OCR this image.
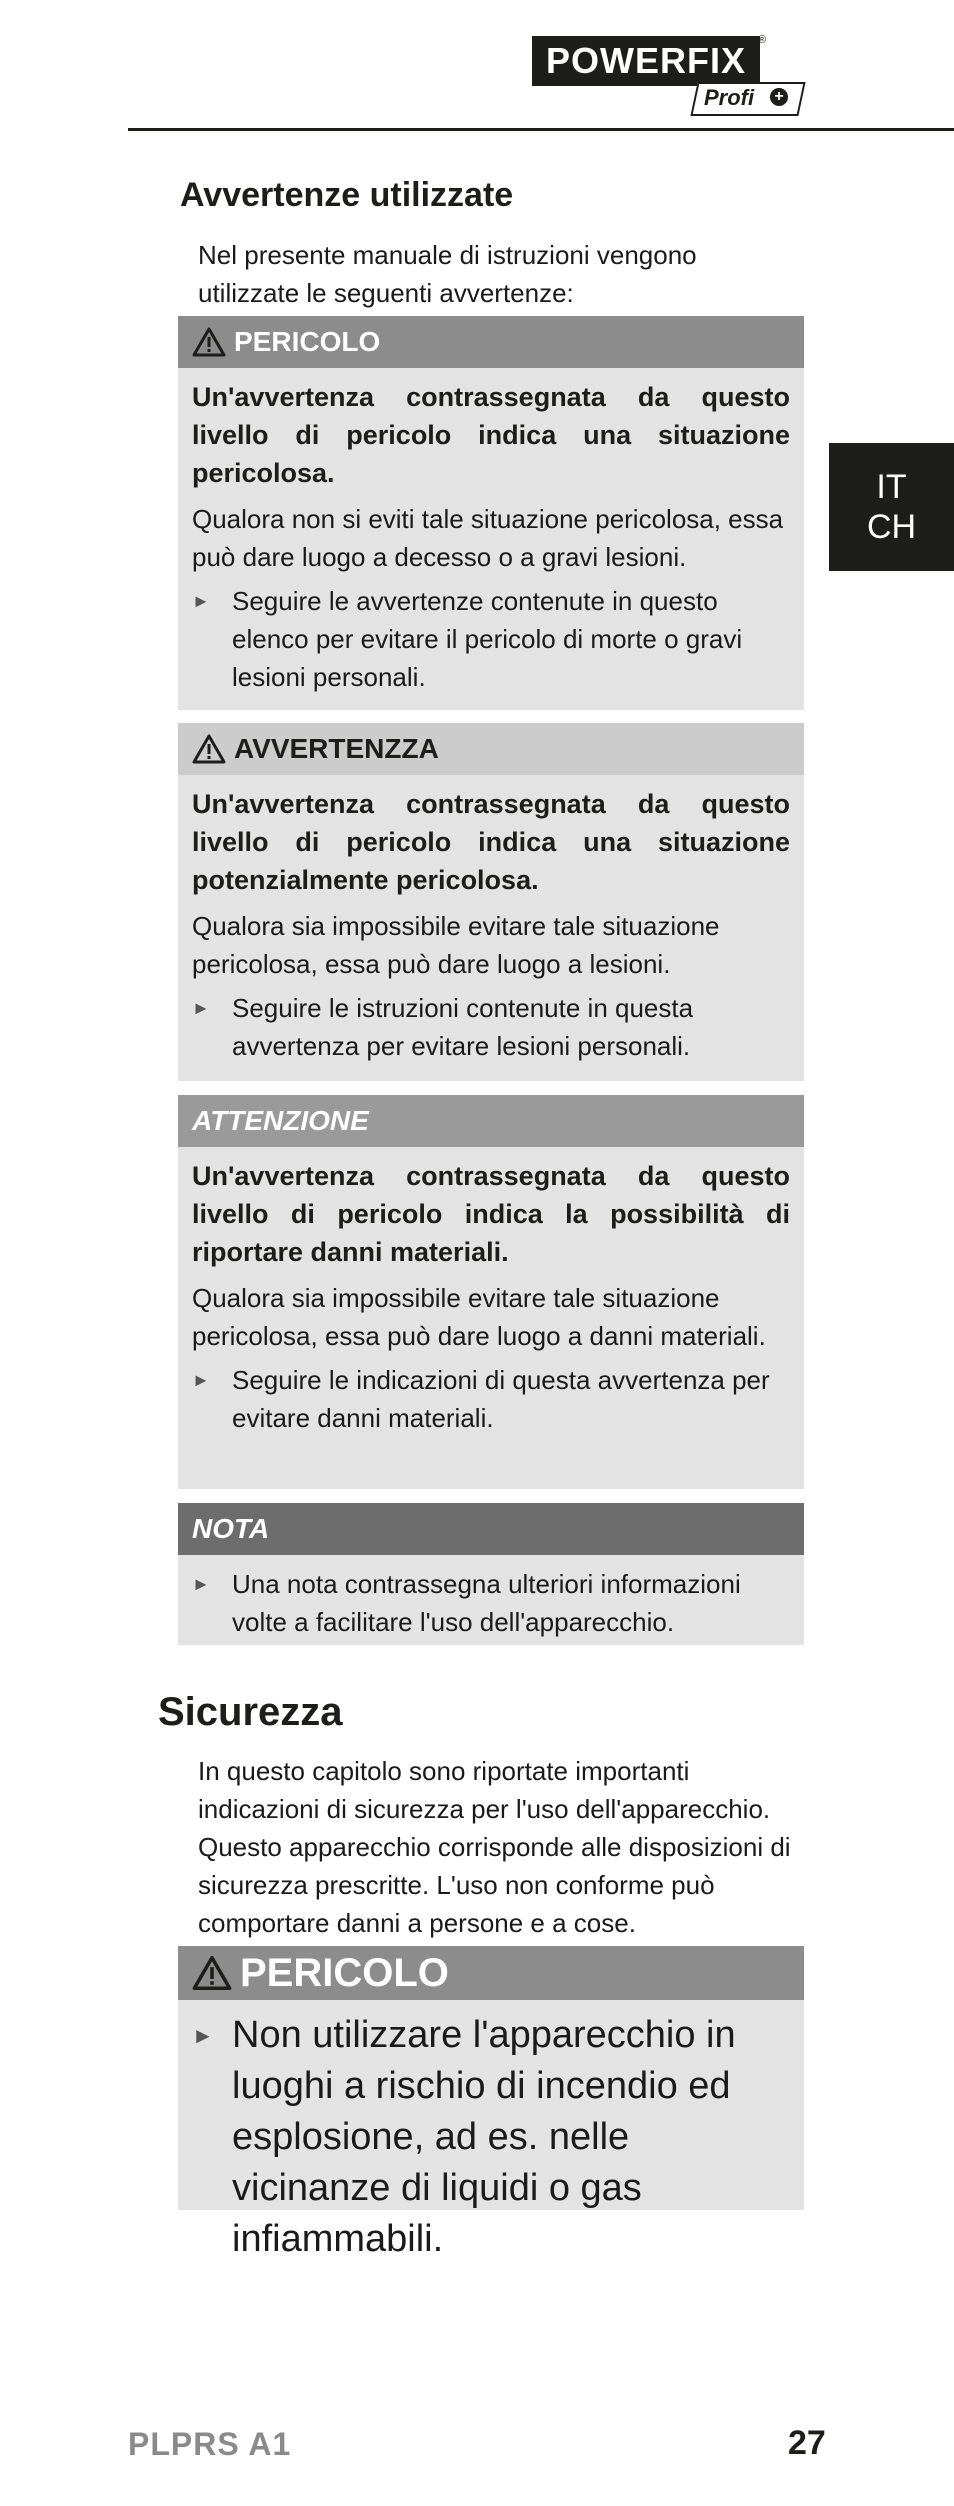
POWERFIX	®
Profi +
IT
CH
Avvertenze utilizzate

Nel presente manuale di istruzioni vengono utilizzate le seguenti avvertenze:

PERICOLO

Un'avvertenza contrassegnata da questo livello di pericolo indica una situazione pericolosa.

Qualora non si eviti tale situazione pericolosa, essa può dare luogo a decesso o a gravi lesioni.

► Seguire le avvertenze contenute in questo elenco per evitare il pericolo di morte o gravi lesioni personali.
AVVERTENZZA

Un'avvertenza contrassegnata da questo livello di pericolo indica una situazione potenzialmente pericolosa.

Qualora sia impossibile evitare tale situazione pericolosa, essa può dare luogo a lesioni.

► Seguire le istruzioni contenute in questa avvertenza per evitare lesioni personali.
ATTENZIONE

Un'avvertenza contrassegnata da questo livello di pericolo indica la possibilità di riportare danni materiali.

Qualora sia impossibile evitare tale situazione pericolosa, essa può dare luogo a danni materiali.

► Seguire le indicazioni di questa avvertenza per evitare danni materiali.
NOTA
► Una nota contrassegna ulteriori informazioni volte a facilitare l'uso dell'apparecchio.
Sicurezza

In questo capitolo sono riportate importanti indicazioni di sicurezza per l'uso dell'apparecchio. Questo apparecchio corrisponde alle disposizioni di sicurezza prescritte. L'uso non conforme può comportare danni a persone e a cose.

PERICOLO
► Non utilizzare l'apparecchio in luoghi a rischio di incendio ed esplosione, ad es. nelle vicinanze di liquidi o gas infiammabili.
PLPRS A1	27
